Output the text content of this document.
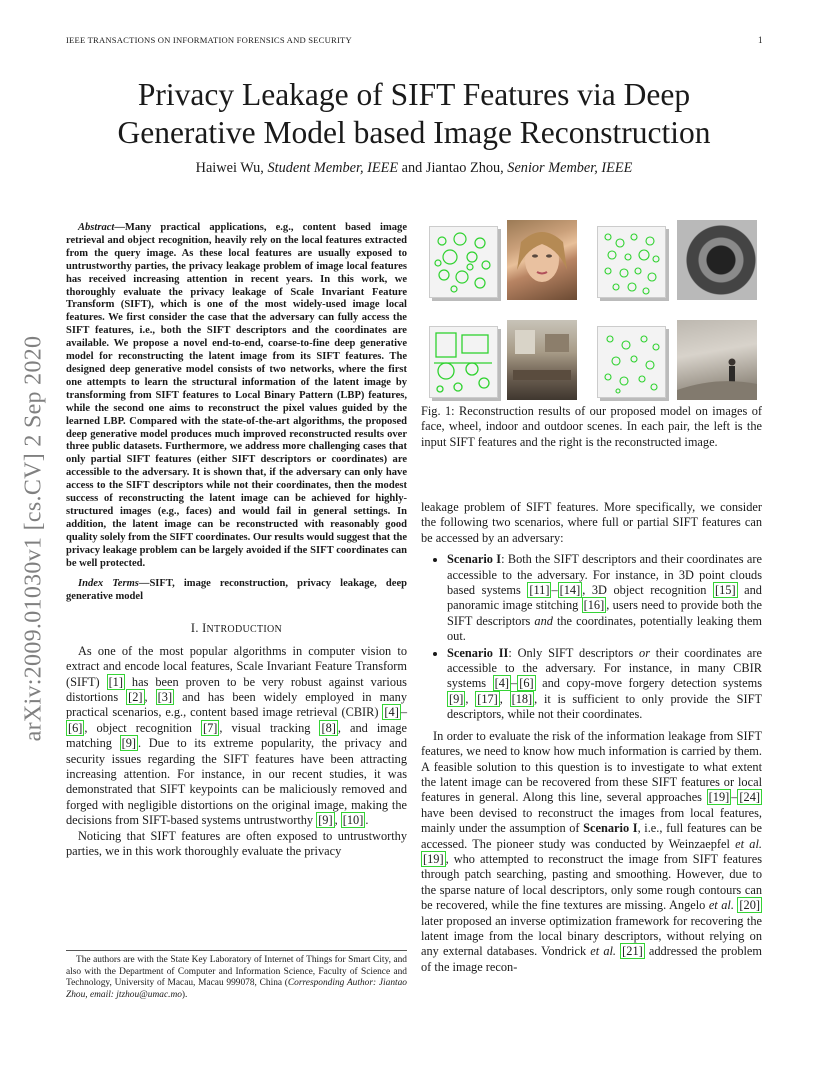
IEEE TRANSACTIONS ON INFORMATION FORENSICS AND SECURITY	1
Privacy Leakage of SIFT Features via Deep
Generative Model based Image Reconstruction
Haiwei Wu, Student Member, IEEE and Jiantao Zhou, Senior Member, IEEE
arXiv:2009.01030v1 [cs.CV] 2 Sep 2020

Abstract—Many practical applications, e.g., content based image retrieval and object recognition, heavily rely on the local features extracted from the query image. As these local features are usually exposed to untrustworthy parties, the privacy leakage problem of image local features has received increasing attention in recent years. In this work, we thoroughly evaluate the privacy leakage of Scale Invariant Feature Transform (SIFT), which is one of the most widely-used image local features. We first consider the case that the adversary can fully access the SIFT features, i.e., both the SIFT descriptors and the coordinates are available. We propose a novel end-to-end, coarse-to-fine deep generative model for reconstructing the latent image from its SIFT features. The designed deep generative model consists of two networks, where the first one attempts to learn the structural information of the latent image by transforming from SIFT features to Local Binary Pattern (LBP) features, while the second one aims to reconstruct the pixel values guided by the learned LBP. Compared with the state-of-the-art algorithms, the proposed deep generative model produces much improved reconstructed results over three public datasets. Furthermore, we address more challenging cases that only partial SIFT features (either SIFT descriptors or coordinates) are accessible to the adversary. It is shown that, if the adversary can only have access to the SIFT descriptors while not their coordinates, then the modest success of reconstructing the latent image can be achieved for highly-structured images (e.g., faces) and would fail in general settings. In addition, the latent image can be reconstructed with reasonably good quality solely from the SIFT coordinates. Our results would suggest that the privacy leakage problem can be largely avoided if the SIFT coordinates can be well protected.

Index Terms—SIFT, image reconstruction, privacy leakage, deep generative model

I. INTRODUCTION

As one of the most popular algorithms in computer vision to extract and encode local features, Scale Invariant Feature Transform (SIFT) [1] has been proven to be very robust against various distortions [2] , [3] and has been widely employed in many practical scenarios, e.g., content based image retrieval (CBIR) [4] –[6] , object recognition [7] , visual tracking [8] , and image matching [9] . Due to its extreme popularity, the privacy and security issues regarding the SIFT features have been attracting increasing attention. For instance, in our recent studies, it was demonstrated that SIFT keypoints can be maliciously removed and forged with negligible distortions on the original image, making the decisions from SIFT-based systems untrustworthy [9] , [10] .

Noticing that SIFT features are often exposed to untrustworthy parties, we in this work thoroughly evaluate the privacy

The authors are with the State Key Laboratory of Internet of Things for Smart City, and also with the Department of Computer and Information Science, Faculty of Science and Technology, University of Macau, Macau 999078, China (Corresponding Author: Jiantao Zhou, email: jtzhou@umac.mo).

Fig. 1: Reconstruction results of our proposed model on images of face, wheel, indoor and outdoor scenes. In each pair, the left is the input SIFT features and the right is the reconstructed image.

leakage problem of SIFT features. More specifically, we consider the following two scenarios, where full or partial SIFT features can be accessed by an adversary:

• Scenario I: Both the SIFT descriptors and their coordinates are accessible to the adversary. For instance, in 3D point clouds based systems [11] – [14] , 3D object recognition [15] and panoramic image stitching [16] , users need to provide both the SIFT descriptors and the coordinates, potentially leaking them out.
• Scenario II: Only SIFT descriptors or their coordinates are accessible to the adversary. For instance, in many CBIR systems [4] – [6] and copy-move forgery detection systems [9] , [17] , [18] , it is sufficient to only provide the SIFT descriptors, while not their coordinates.

In order to evaluate the risk of the information leakage from SIFT features, we need to know how much information is carried by them. A feasible solution to this question is to investigate to what extent the latent image can be recovered from these SIFT features or local features in general. Along this line, several approaches [19] – [24] have been devised to reconstruct the images from local features, mainly under the assumption of Scenario I, i.e., full features can be accessed. The pioneer study was conducted by Weinzaepfel et al. [19] , who attempted to reconstruct the image from SIFT features through patch searching, pasting and smoothing. However, due to the sparse nature of local descriptors, only some rough contours can be recovered, while the fine textures are missing. Angelo et al. [20] later proposed an inverse optimization framework for recovering the latent image from the local binary descriptors, without relying on any external databases. Vondrick et al. [21] addressed the problem of the image recon-
